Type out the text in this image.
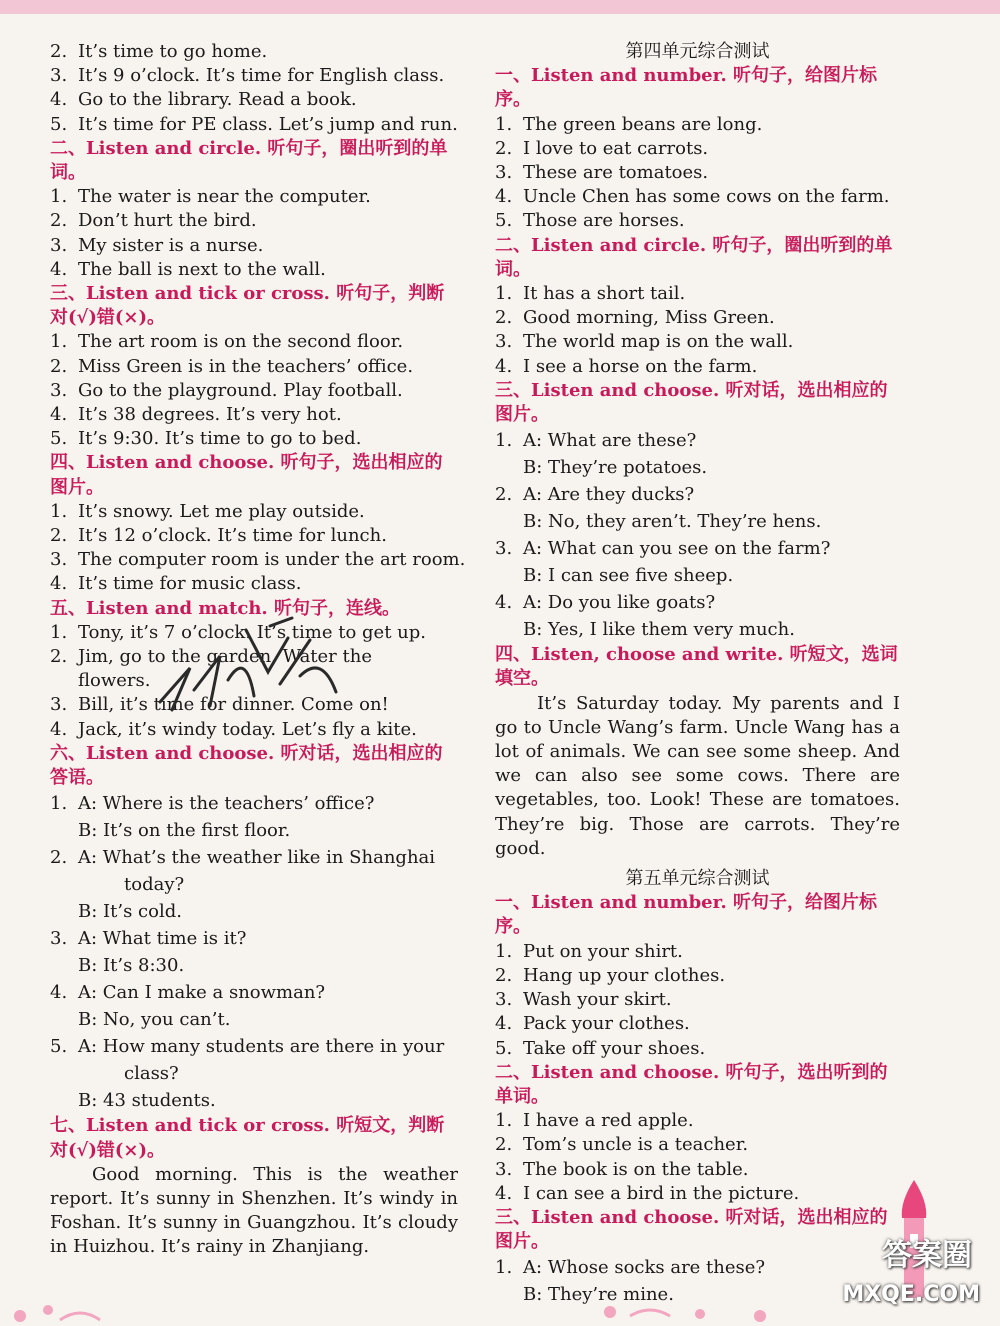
2. It’s time to go home.
3. It’s 9 o’clock. It’s time for English class.
4. Go to the library. Read a book.
5. It’s time for PE class. Let’s jump and run.
二、Listen and circle. 听句子，圈出听到的单词。
1. The water is near the computer.
2. Don’t hurt the bird.
3. My sister is a nurse.
4. The ball is next to the wall.
三、Listen and tick or cross. 听句子，判断对(√)错(×)。
1. The art room is on the second floor.
2. Miss Green is in the teachers’ office.
3. Go to the playground. Play football.
4. It’s 38 degrees. It’s very hot.
5. It’s 9:30. It’s time to go to bed.
四、Listen and choose. 听句子，选出相应的图片。
1. It’s snowy. Let me play outside.
2. It’s 12 o’clock. It’s time for lunch.
3. The computer room is under the art room.
4. It’s time for music class.
五、Listen and match. 听句子，连线。
1. Tony, it’s 7 o’clock. It’s time to get up.
2. Jim, go to the garden. Water the
flowers.
3. Bill, it’s time for dinner. Come on!
4. Jack, it’s windy today. Let’s fly a kite.
六、Listen and choose. 听对话，选出相应的答语。
1. A: Where is the teachers’ office?
B: It’s on the first floor.
2. A: What’s the weather like in Shanghai
today?
B: It’s cold.
3. A: What time is it?
B: It’s 8:30.
4. A: Can I make a snowman?
B: No, you can’t.
5. A: How many students are there in your
class?
B: 43 students.
七、Listen and tick or cross. 听短文，判断对(√)错(×)。
Good morning. This is the weather report. It’s sunny in Shenzhen. It’s windy in Foshan. It’s sunny in Guangzhou. It’s cloudy in Huizhou. It’s rainy in Zhanjiang.
第四单元综合测试
一、Listen and number. 听句子，给图片标序。
1. The green beans are long.
2. I love to eat carrots.
3. These are tomatoes.
4. Uncle Chen has some cows on the farm.
5. Those are horses.
二、Listen and circle. 听句子，圈出听到的单词。
1. It has a short tail.
2. Good morning, Miss Green.
3. The world map is on the wall.
4. I see a horse on the farm.
三、Listen and choose. 听对话，选出相应的图片。
1. A: What are these?
B: They’re potatoes.
2. A: Are they ducks?
B: No, they aren’t. They’re hens.
3. A: What can you see on the farm?
B: I can see five sheep.
4. A: Do you like goats?
B: Yes, I like them very much.
四、Listen, choose and write. 听短文，选词填空。
It’s Saturday today. My parents and I go to Uncle Wang’s farm. Uncle Wang has a lot of animals. We can see some sheep. And we can also see some cows. There are vegetables, too. Look! These are tomatoes. They’re big. Those are carrots. They’re good.
第五单元综合测试
一、Listen and number. 听句子，给图片标序。
1. Put on your shirt.
2. Hang up your clothes.
3. Wash your skirt.
4. Pack your clothes.
5. Take off your shoes.
二、Listen and choose. 听句子，选出听到的单词。
1. I have a red apple.
2. Tom’s uncle is a teacher.
3. The book is on the table.
4. I can see a bird in the picture.
三、Listen and choose. 听对话，选出相应的图片。
1. A: Whose socks are these?
B: They’re mine.
答案圈
MXQE.COM
